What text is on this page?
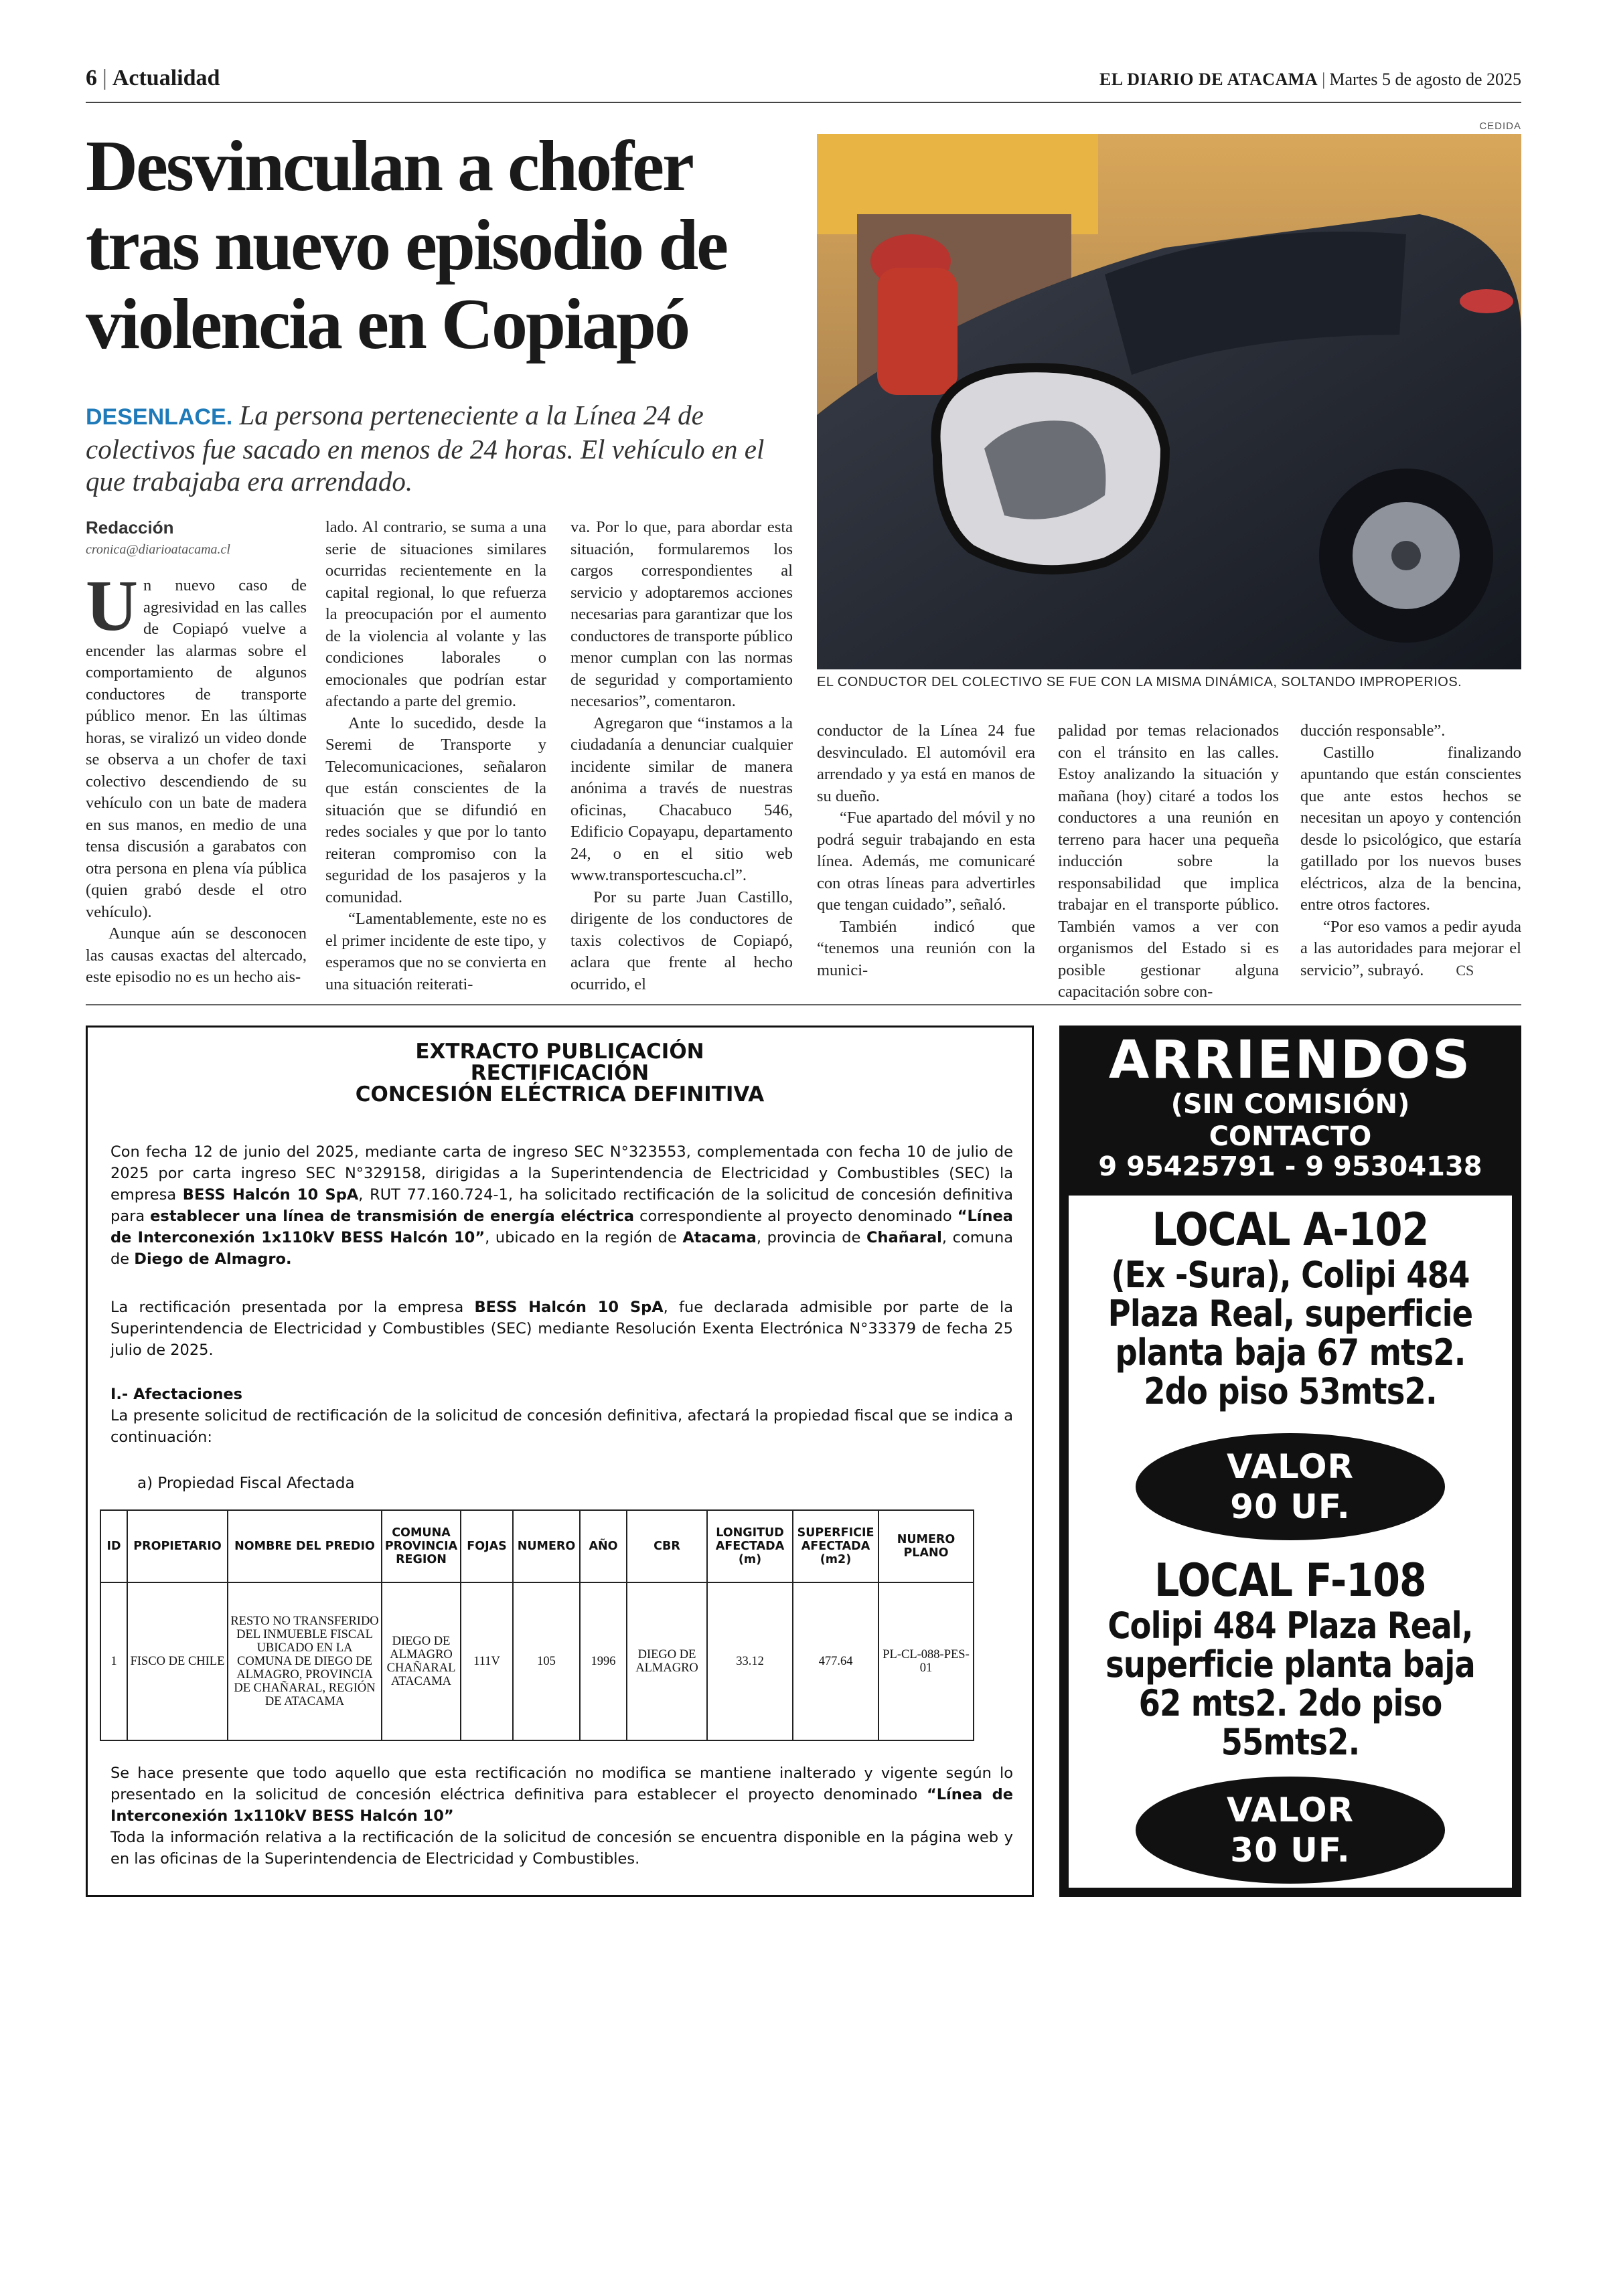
6 | Actualidad	EL DIARIO DE ATACAMA | Martes 5 de agosto de 2025
Desvinculan a chofer tras nuevo episodio de violencia en Copiapó
DESENLACE. La persona perteneciente a la Línea 24 de colectivos fue sacado en menos de 24 horas. El vehículo en el que trabajaba era arrendado.
CEDIDA
EL CONDUCTOR DEL COLECTIVO SE FUE CON LA MISMA DINÁMICA, SOLTANDO IMPROPERIOS.
Redacción
cronica@diarioatacama.cl

Un nuevo caso de agresividad en las calles de Copiapó vuelve a encender las alarmas sobre el comportamiento de algunos conductores de transporte público menor. En las últimas horas, se viralizó un video donde se observa a un chofer de taxi colectivo descendiendo de su vehículo con un bate de madera en sus manos, en medio de una tensa discusión a garabatos con otra persona en plena vía pública (quien grabó desde el otro vehículo).

Aunque aún se desconocen las causas exactas del altercado, este episodio no es un hecho ais-

lado. Al contrario, se suma a una serie de situaciones similares ocurridas recientemente en la capital regional, lo que refuerza la preocupación por el aumento de la violencia al volante y las condiciones laborales o emocionales que podrían estar afectando a parte del gremio.

Ante lo sucedido, desde la Seremi de Transporte y Telecomunicaciones, señalaron que están conscientes de la situación que se difundió en redes sociales y que por lo tanto reiteran compromiso con la seguridad de los pasajeros y la comunidad.

“Lamentablemente, este no es el primer incidente de este tipo, y esperamos que no se convierta en una situación reiterati-

va. Por lo que, para abordar esta situación, formularemos los cargos correspondientes al servicio y adoptaremos acciones necesarias para garantizar que los conductores de transporte público menor cumplan con las normas de seguridad y comportamiento necesarios”, comentaron.

Agregaron que “instamos a la ciudadanía a denunciar cualquier incidente similar de manera anónima a través de nuestras oficinas, Chacabuco 546, Edificio Copayapu, departamento 24, o en el sitio web www.transportescucha.cl”.

Por su parte Juan Castillo, dirigente de los conductores de taxis colectivos de Copiapó, aclara que frente al hecho ocurrido, el

conductor de la Línea 24 fue desvinculado. El automóvil era arrendado y ya está en manos de su dueño.

“Fue apartado del móvil y no podrá seguir trabajando en esta línea. Además, me comunicaré con otras líneas para advertirles que tengan cuidado”, señaló.

También indicó que “tenemos una reunión con la munici-

palidad por temas relacionados con el tránsito en las calles. Estoy analizando la situación y mañana (hoy) citaré a todos los conductores a una reunión en terreno para hacer una pequeña inducción sobre la responsabilidad que implica trabajar en el transporte público. También vamos a ver con organismos del Estado si es posible gestionar alguna capacitación sobre con-

ducción responsable”.

Castillo finalizando apuntando que están conscientes que ante estos hechos se necesitan un apoyo y contención desde lo psicológico, que estaría gatillado por los nuevos buses eléctricos, alza de la bencina, entre otros factores.

“Por eso vamos a pedir ayuda a las autoridades para mejorar el servicio”, subrayó. CS

EXTRACTO PUBLICACIÓN
RECTIFICACIÓN
CONCESIÓN ELÉCTRICA DEFINITIVA
Con fecha 12 de junio del 2025, mediante carta de ingreso SEC N°323553, complementada con fecha 10 de julio de 2025 por carta ingreso SEC N°329158, dirigidas a la Superintendencia de Electricidad y Combustibles (SEC) la empresa BESS Halcón 10 SpA, RUT 77.160.724-1, ha solicitado rectificación de la solicitud de concesión definitiva para establecer una línea de transmisión de energía eléctrica correspondiente al proyecto denominado “Línea de Interconexión 1x110kV BESS Halcón 10”, ubicado en la región de Atacama, provincia de Chañaral, comuna de Diego de Almagro.
La rectificación presentada por la empresa BESS Halcón 10 SpA, fue declarada admisible por parte de la Superintendencia de Electricidad y Combustibles (SEC) mediante Resolución Exenta Electrónica N°33379 de fecha 25 julio de 2025.
I.- Afectaciones
La presente solicitud de rectificación de la solicitud de concesión definitiva, afectará la propiedad fiscal que se indica a continuación:
a) Propiedad Fiscal Afectada
ID	PROPIETARIO	NOMBRE DEL PREDIO	COMUNA PROVINCIA REGION	FOJAS	NUMERO	AÑO	CBR	LONGITUD AFECTADA (m)	SUPERFICIE AFECTADA (m2)	NUMERO PLANO
1	FISCO DE CHILE	RESTO NO TRANSFERIDO DEL INMUEBLE FISCAL UBICADO EN LA COMUNA DE DIEGO DE ALMAGRO, PROVINCIA DE CHAÑARAL, REGIÓN DE ATACAMA	DIEGO DE ALMAGRO CHAÑARAL ATACAMA	111V	105	1996	DIEGO DE ALMAGRO	33.12	477.64	PL-CL-088-PES-01
Se hace presente que todo aquello que esta rectificación no modifica se mantiene inalterado y vigente según lo presentado en la solicitud de concesión eléctrica definitiva para establecer el proyecto denominado “Línea de Interconexión 1x110kV BESS Halcón 10”
Toda la información relativa a la rectificación de la solicitud de concesión se encuentra disponible en la página web y en las oficinas de la Superintendencia de Electricidad y Combustibles.
ARRIENDOS
(SIN COMISIÓN)
CONTACTO
9 95425791 - 9 95304138
LOCAL A-102
(Ex -Sura), Colipi 484
Plaza Real, superficie
planta baja 67 mts2.
2do piso 53mts2.
VALOR
90 UF.
LOCAL F-108
Colipi 484 Plaza Real,
superficie planta baja
62 mts2. 2do piso
55mts2.
VALOR
30 UF.
